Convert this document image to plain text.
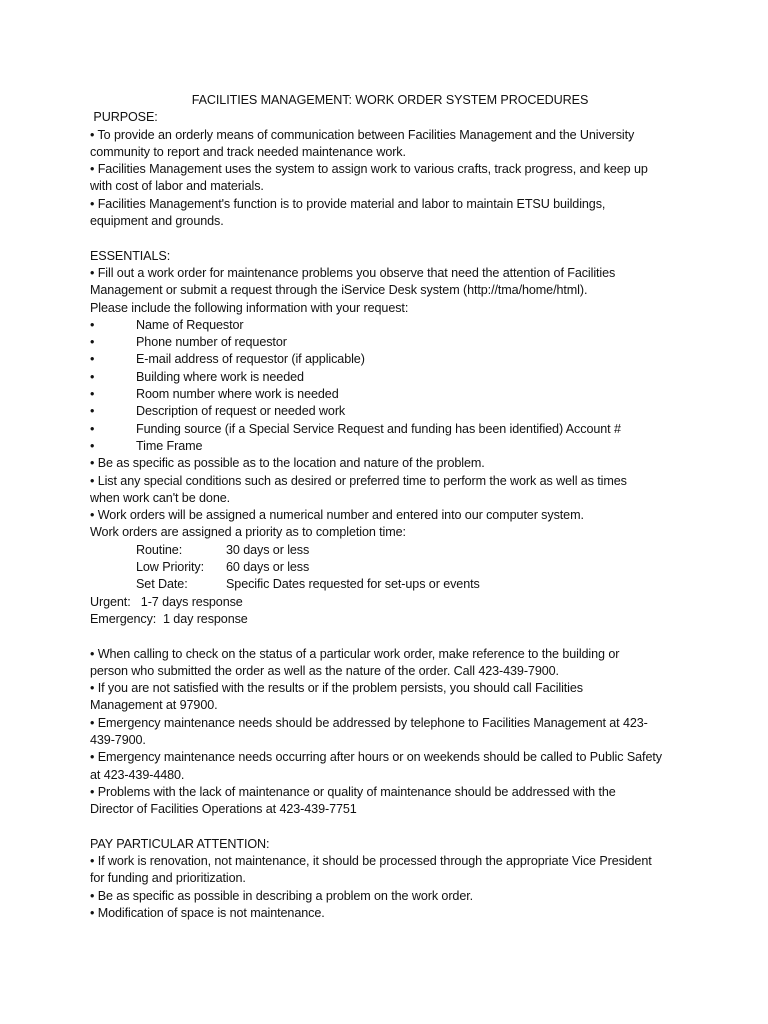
FACILITIES MANAGEMENT: WORK ORDER SYSTEM PROCEDURES
PURPOSE:
• To provide an orderly means of communication between Facilities Management and the University
community to report and track needed maintenance work.
• Facilities Management uses the system to assign work to various crafts, track progress, and keep up
with cost of labor and materials.
• Facilities Management's function is to provide material and labor to maintain ETSU buildings,
equipment and grounds.
ESSENTIALS:
• Fill out a work order for maintenance problems you observe that need the attention of Facilities
Management or submit a request through the iService Desk system (http://tma/home/html).
Please include the following information with your request:
•	Name of Requestor
•	Phone number of requestor
•	E-mail address of requestor (if applicable)
•	Building where work is needed
•	Room number where work is needed
•	Description of request or needed work
•	Funding source (if a Special Service Request and funding has been identified) Account #
•	Time Frame
• Be as specific as possible as to the location and nature of the problem.
• List any special conditions such as desired or preferred time to perform the work as well as times
when work can't be done.
• Work orders will be assigned a numerical number and entered into our computer system.
Work orders are assigned a priority as to completion time:
Routine:	30 days or less
Low Priority:	60 days or less
Set Date:	Specific Dates requested for set-ups or events
Urgent:   1-7 days response
Emergency:  1 day response
• When calling to check on the status of a particular work order, make reference to the building or
person who submitted the order as well as the nature of the order. Call 423-439-7900.
• If you are not satisfied with the results or if the problem persists, you should call Facilities
Management at 97900.
• Emergency maintenance needs should be addressed by telephone to Facilities Management at 423-
439-7900.
• Emergency maintenance needs occurring after hours or on weekends should be called to Public Safety
at 423-439-4480.
• Problems with the lack of maintenance or quality of maintenance should be addressed with the
Director of Facilities Operations at 423-439-7751
PAY PARTICULAR ATTENTION:
• If work is renovation, not maintenance, it should be processed through the appropriate Vice President
for funding and prioritization.
• Be as specific as possible in describing a problem on the work order.
• Modification of space is not maintenance.
